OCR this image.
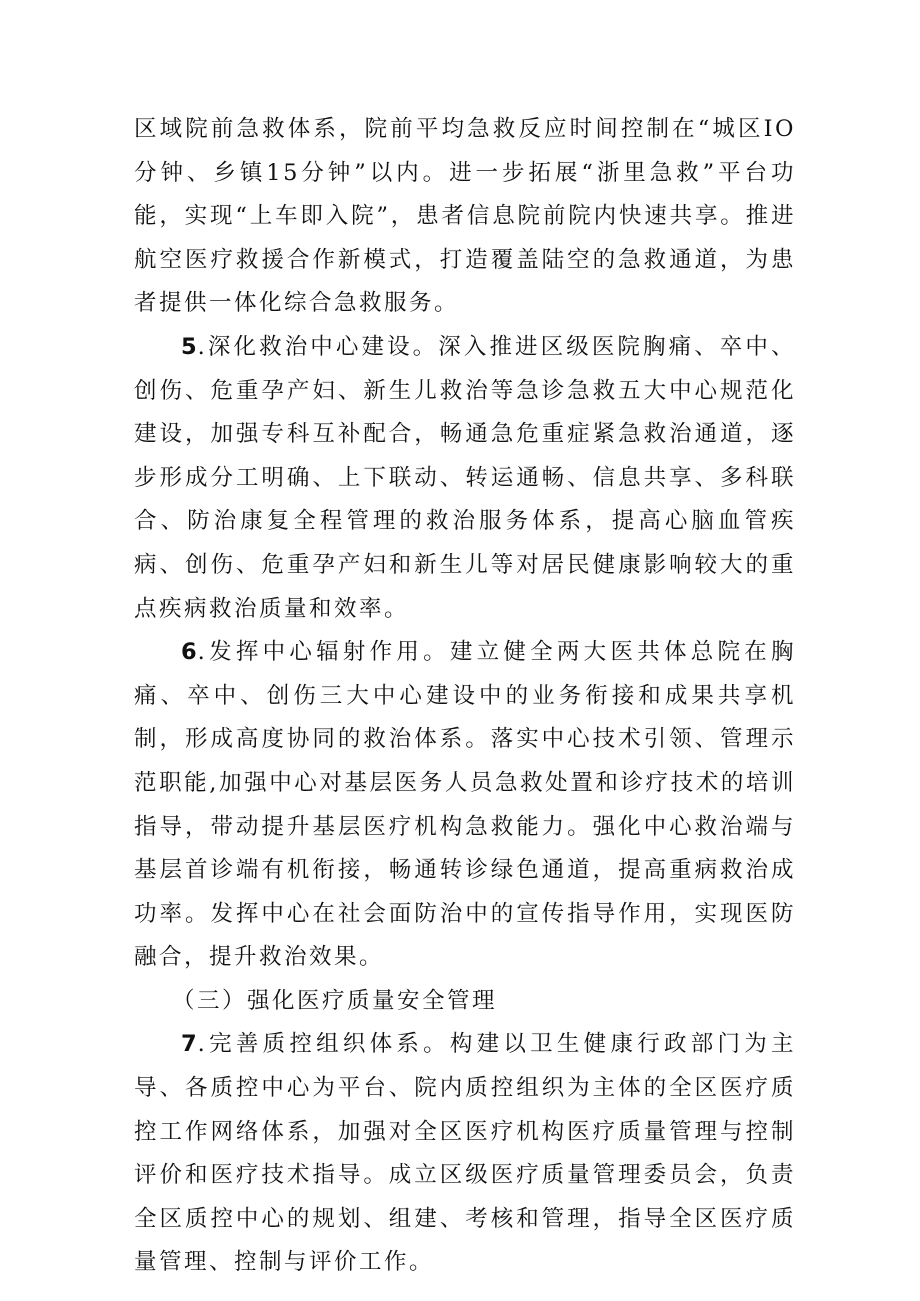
区域院前急救体系，院前平均急救反应时间控制在“城区IO分钟、乡镇15分钟”以内。进一步拓展“浙里急救”平台功能，实现“上车即入院”，患者信息院前院内快速共享。推进航空医疗救援合作新模式，打造覆盖陆空的急救通道，为患者提供一体化综合急救服务。

5.深化救治中心建设。深入推进区级医院胸痛、卒中、创伤、危重孕产妇、新生儿救治等急诊急救五大中心规范化建设，加强专科互补配合，畅通急危重症紧急救治通道，逐步形成分工明确、上下联动、转运通畅、信息共享、多科联合、防治康复全程管理的救治服务体系，提高心脑血管疾病、创伤、危重孕产妇和新生儿等对居民健康影响较大的重点疾病救治质量和效率。

6.发挥中心辐射作用。建立健全两大医共体总院在胸痛、卒中、创伤三大中心建设中的业务衔接和成果共享机制，形成高度协同的救治体系。落实中心技术引领、管理示范职能,加强中心对基层医务人员急救处置和诊疗技术的培训指导，带动提升基层医疗机构急救能力。强化中心救治端与基层首诊端有机衔接，畅通转诊绿色通道，提高重病救治成功率。发挥中心在社会面防治中的宣传指导作用，实现医防融合，提升救治效果。

（三）强化医疗质量安全管理

7.完善质控组织体系。构建以卫生健康行政部门为主导、各质控中心为平台、院内质控组织为主体的全区医疗质控工作网络体系，加强对全区医疗机构医疗质量管理与控制评价和医疗技术指导。成立区级医疗质量管理委员会，负责全区质控中心的规划、组建、考核和管理，指导全区医疗质量管理、控制与评价工作。
